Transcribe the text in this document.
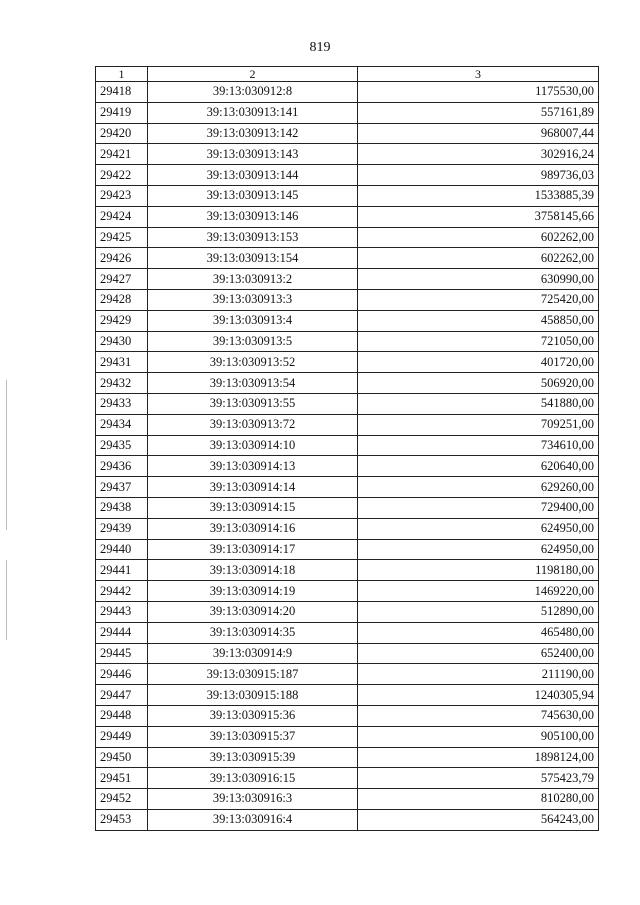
819
1	2	3
29418	39:13:030912:8	1175530,00
29419	39:13:030913:141	557161,89
29420	39:13:030913:142	968007,44
29421	39:13:030913:143	302916,24
29422	39:13:030913:144	989736,03
29423	39:13:030913:145	1533885,39
29424	39:13:030913:146	3758145,66
29425	39:13:030913:153	602262,00
29426	39:13:030913:154	602262,00
29427	39:13:030913:2	630990,00
29428	39:13:030913:3	725420,00
29429	39:13:030913:4	458850,00
29430	39:13:030913:5	721050,00
29431	39:13:030913:52	401720,00
29432	39:13:030913:54	506920,00
29433	39:13:030913:55	541880,00
29434	39:13:030913:72	709251,00
29435	39:13:030914:10	734610,00
29436	39:13:030914:13	620640,00
29437	39:13:030914:14	629260,00
29438	39:13:030914:15	729400,00
29439	39:13:030914:16	624950,00
29440	39:13:030914:17	624950,00
29441	39:13:030914:18	1198180,00
29442	39:13:030914:19	1469220,00
29443	39:13:030914:20	512890,00
29444	39:13:030914:35	465480,00
29445	39:13:030914:9	652400,00
29446	39:13:030915:187	211190,00
29447	39:13:030915:188	1240305,94
29448	39:13:030915:36	745630,00
29449	39:13:030915:37	905100,00
29450	39:13:030915:39	1898124,00
29451	39:13:030916:15	575423,79
29452	39:13:030916:3	810280,00
29453	39:13:030916:4	564243,00
